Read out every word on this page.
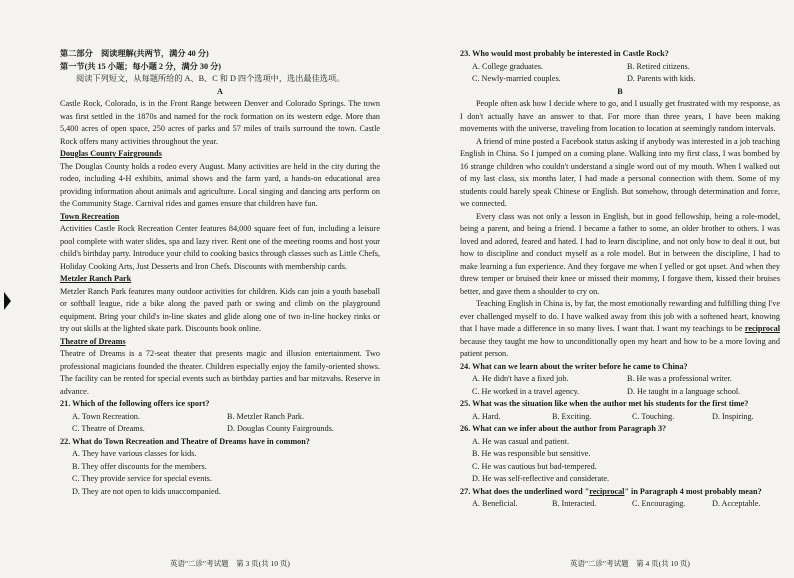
第二部分　阅读理解(共两节，满分 40 分)

第一节(共 15 小题；每小题 2 分，满分 30 分)

阅读下列短文，从每题所给的 A、B、C 和 D 四个选项中，选出最佳选项。

A

Castle Rock, Colorado, is in the Front Range between Denver and Colorado Springs. The town was first settled in the 1870s and named for the rock formation on its western edge. More than 5,400 acres of open space, 250 acres of parks and 57 miles of trails surround the town. Castle Rock offers many activities throughout the year.

Douglas County Fairgrounds

The Douglas County holds a rodeo every August. Many activities are held in the city during the rodeo, including 4-H exhibits, animal shows and the farm yard, a hands-on educational area providing information about animals and agriculture. Local singing and dancing arts perform on the Community Stage. Carnival rides and games ensure that children have fun.

Town Recreation

Activities Castle Rock Recreation Center features 84,000 square feet of fun, including a leisure pool complete with water slides, spa and lazy river. Rent one of the meeting rooms and host your child's birthday party. Introduce your child to cooking basics through classes such as Little Chefs, Holiday Cooking Arts, Just Desserts and Iron Chefs. Discounts with membership cards.

Metzler Ranch Park

Metzler Ranch Park features many outdoor activities for children. Kids can join a youth baseball or softball league, ride a bike along the paved path or swing and climb on the playground equipment. Bring your child's in-line skates and glide along one of two in-line hockey rinks or try out skills at the lighted skate park. Discounts book online.

Theatre of Dreams

Theatre of Dreams is a 72-seat theater that presents magic and illusion entertainment. Two professional magicians founded the theater. Children especially enjoy the family-oriented shows. The facility can be rented for special events such as birthday parties and bar mitzvahs. Reserve in advance.

21. Which of the following offers ice sport?

A. Town Recreation.	B. Metzler Ranch Park.
C. Theatre of Dreams.	D. Douglas County Fairgrounds.

22. What do Town Recreation and Theatre of Dreams have in common?

A. They have various classes for kids.

B. They offer discounts for the members.

C. They provide service for special events.

D. They are not open to kids unaccompanied.

英语"二诊"考试题　第 3 页(共 10 页)

23. Who would most probably be interested in Castle Rock?

A. College graduates.	B. Retired citizens.
C. Newly-married couples.	D. Parents with kids.

B

People often ask how I decide where to go, and I usually get frustrated with my response, as I don't actually have an answer to that. For more than three years, I have been making movements with the universe, traveling from location to location at seemingly random intervals.

A friend of mine posted a Facebook status asking if anybody was interested in a job teaching English in China. So I jumped on a coming plane. Walking into my first class, I was bombed by 16 strange children who couldn't understand a single word out of my mouth. When I walked out of my last class, six months later, I had made a personal connection with them. Some of my students could barely speak Chinese or English. But somehow, through determination and force, we connected.

Every class was not only a lesson in English, but in good fellowship, being a role-model, being a parent, and being a friend. I became a father to some, an older brother to others. I was loved and adored, feared and hated. I had to learn discipline, and not only how to deal it out, but how to discipline and conduct myself as a role model. But in between the discipline, I had to make learning a fun experience. And they forgave me when I yelled or got upset. And when they threw temper or bruised their knee or missed their mommy, I forgave them, kissed their bruises better, and gave them a shoulder to cry on.

Teaching English in China is, by far, the most emotionally rewarding and fulfilling thing I've ever challenged myself to do. I have walked away from this job with a softened heart, knowing that I have made a difference in so many lives. I want that. I want my teachings to be reciprocal because they taught me how to unconditionally open my heart and how to be a more loving and patient person.

24. What can we learn about the writer before he came to China?

A. He didn't have a fixed job.	B. He was a professional writer.
C. He worked in a travel agency.	D. He taught in a language school.

25. What was the situation like when the author met his students for the first time?

A. Hard.	B. Exciting.	C. Touching.	D. Inspiring.

26. What can we infer about the author from Paragraph 3?

A. He was casual and patient.

B. He was responsible but sensitive.

C. He was cautious but bad-tempered.

D. He was self-reflective and considerate.

27. What does the underlined word "reciprocal" in Paragraph 4 most probably mean?

A. Beneficial.	B. Interacted.	C. Encouraging.	D. Acceptable.
英语"二诊"考试题　第 4 页(共 10 页)
